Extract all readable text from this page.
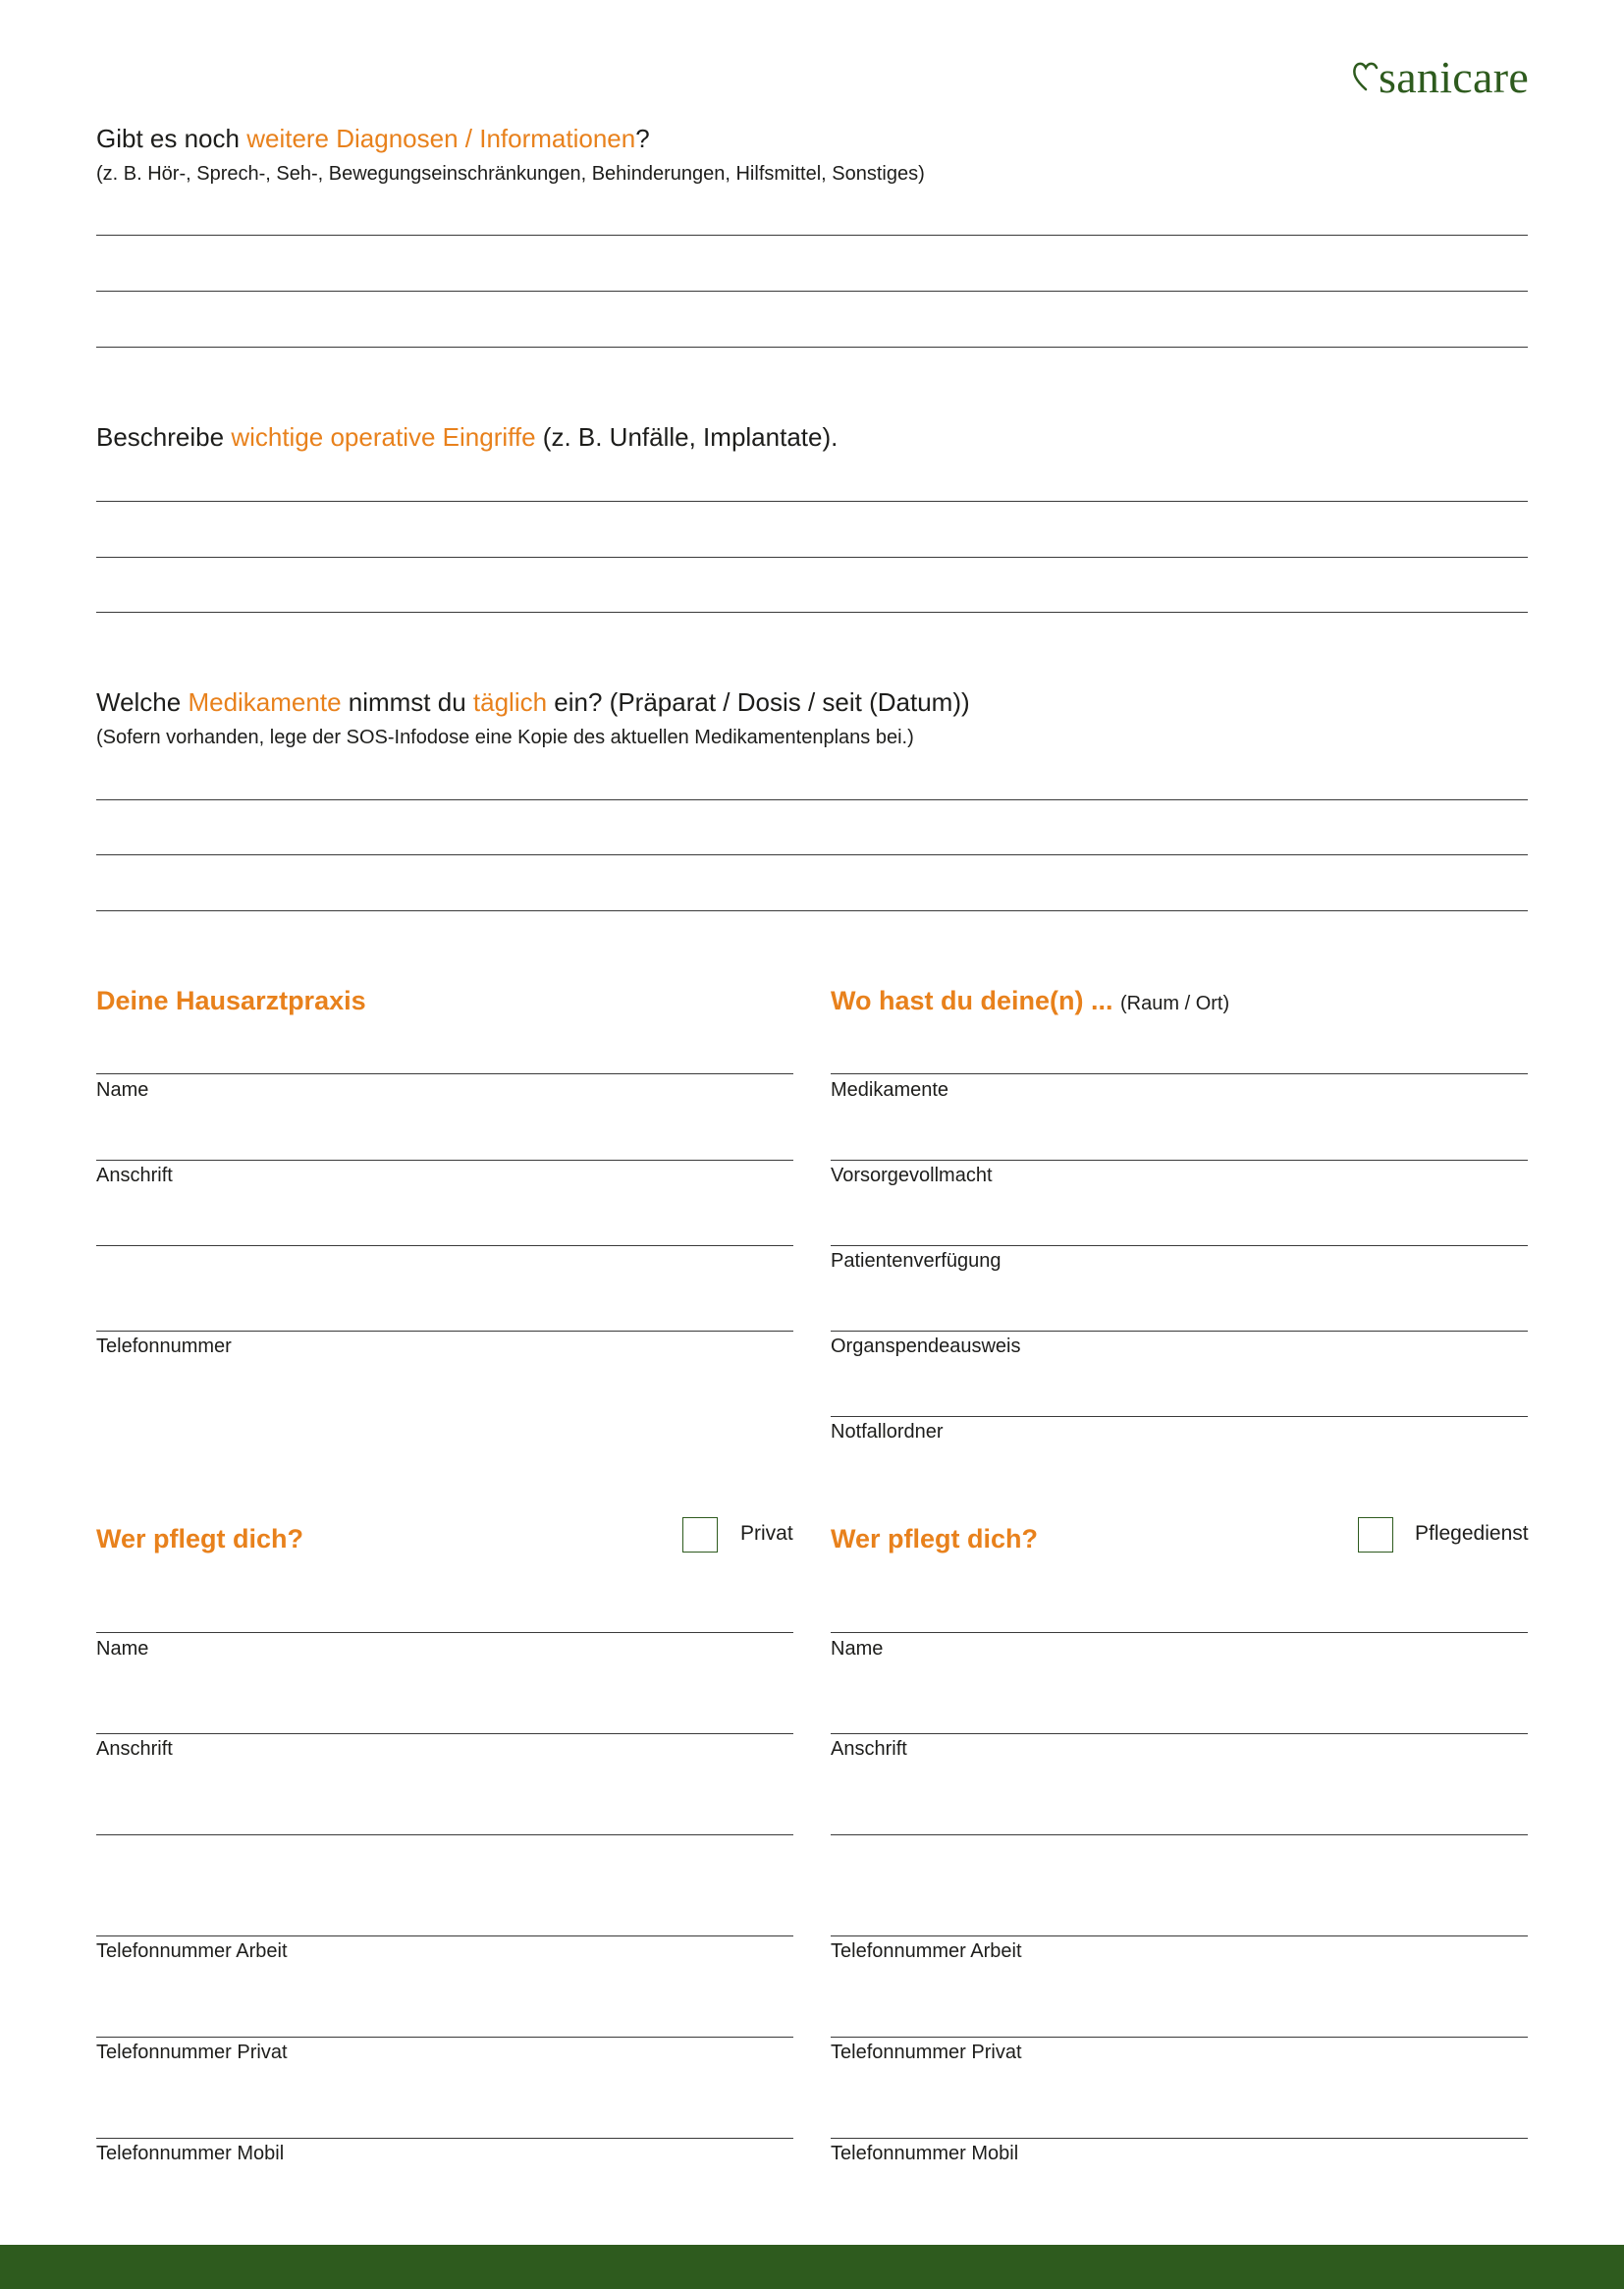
sanicare
Gibt es noch weitere Diagnosen / Informationen?
(z. B. Hör-, Sprech-, Seh-, Bewegungseinschränkungen, Behinderungen, Hilfsmittel, Sonstiges)
Beschreibe wichtige operative Eingriffe (z. B. Unfälle, Implantate).
Welche Medikamente nimmst du täglich ein? (Präparat / Dosis / seit (Datum))
(Sofern vorhanden, lege der SOS-Infodose eine Kopie des aktuellen Medikamentenplans bei.)
Deine Hausarztpraxis
Name
Anschrift
Telefonnummer
Wo hast du deine(n) ... (Raum / Ort)
Medikamente
Vorsorgevollmacht
Patientenverfügung
Organspendeausweis
Notfallordner
Wer pflegt dich?	Privat
Name
Anschrift
Telefonnummer Arbeit
Telefonnummer Privat
Telefonnummer Mobil
Wer pflegt dich?	Pflegedienst
Name
Anschrift
Telefonnummer Arbeit
Telefonnummer Privat
Telefonnummer Mobil
